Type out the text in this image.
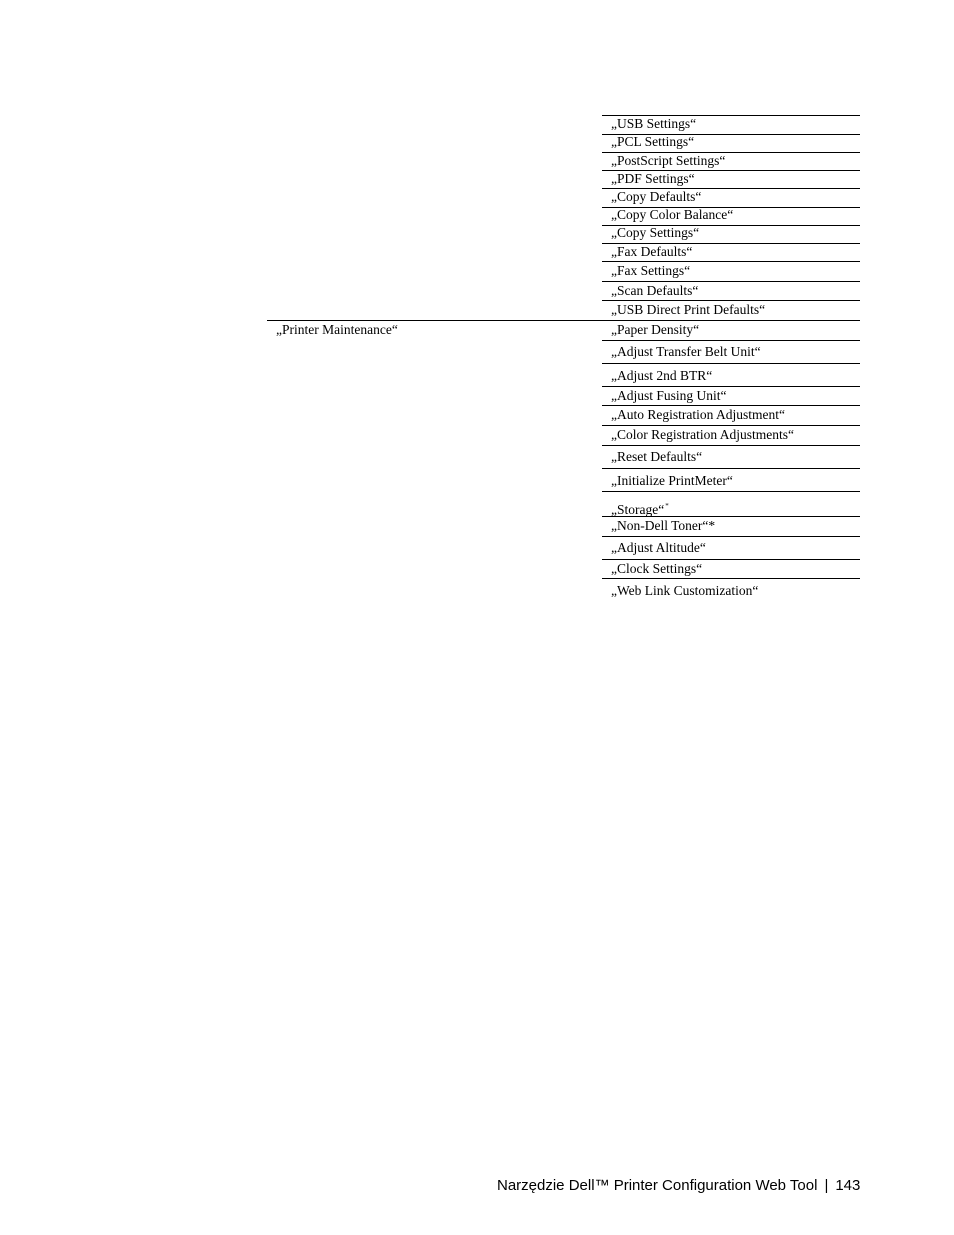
„USB Settings“
„PCL Settings“
„PostScript Settings“
„PDF Settings“
„Copy Defaults“
„Copy Color Balance“
„Copy Settings“
„Fax Defaults“
„Fax Settings“
„Scan Defaults“
„USB Direct Print Defaults“
„Printer Maintenance“	„Paper Density“
„Adjust Transfer Belt Unit“
„Adjust 2nd BTR“
„Adjust Fusing Unit“
„Auto Registration Adjustment“
„Color Registration Adjustments“
„Reset Defaults“
„Initialize PrintMeter“
„Storage“*
„Non-Dell Toner“*
„Adjust Altitude“
„Clock Settings“
„Web Link Customization“
Narzędzie Dell™ Printer Configuration Web Tool | 143
